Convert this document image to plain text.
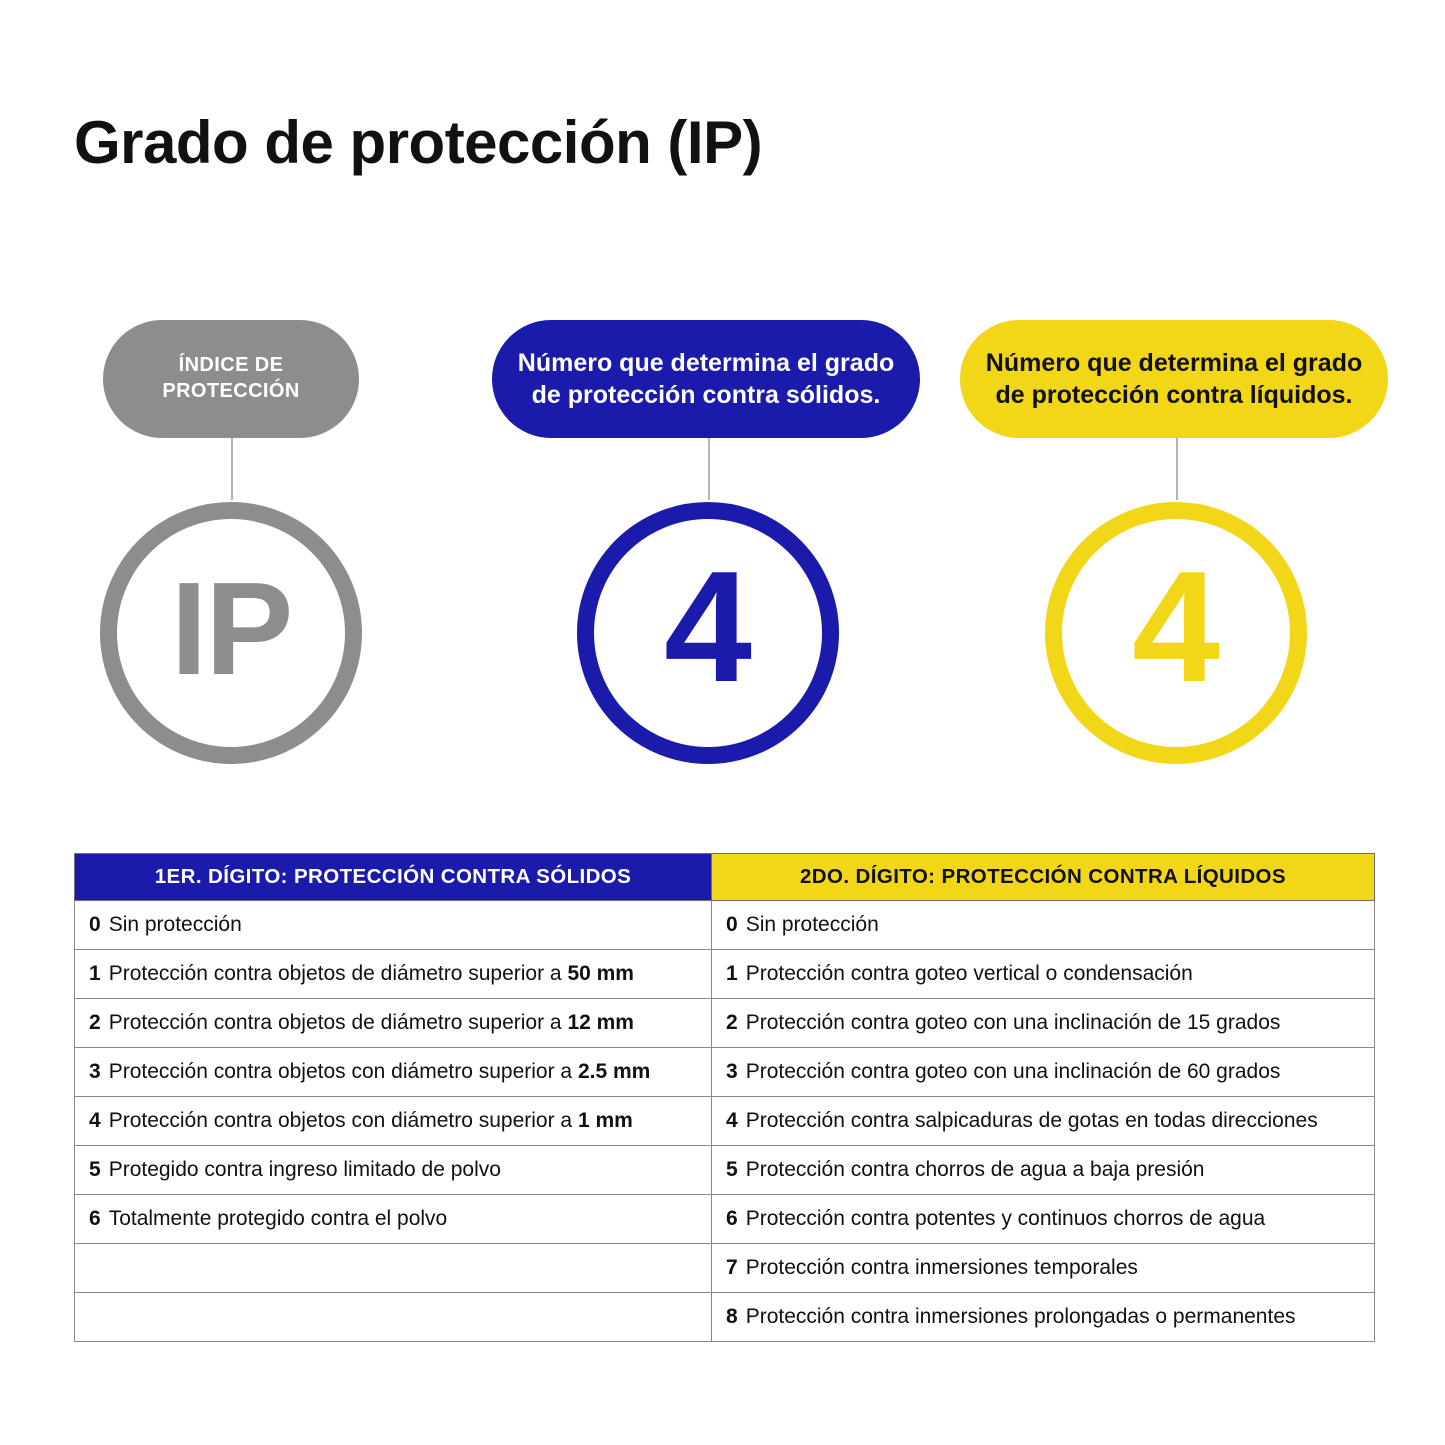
Grado de protección (IP)
ÍNDICE DE
PROTECCIÓN
IP
Número que determina el grado
de protección contra sólidos.
4
Número que determina el grado
de protección contra líquidos.
4
1ER. DÍGITO: PROTECCIÓN CONTRA SÓLIDOS	2DO. DÍGITO: PROTECCIÓN CONTRA LÍQUIDOS

0 Sin protección	0 Sin protección

1 Protección contra objetos de diámetro superior a 50 mm	1 Protección contra goteo vertical o condensación

2 Protección contra objetos de diámetro superior a 12 mm	2 Protección contra goteo con una inclinación de 15 grados

3 Protección contra objetos con diámetro superior a 2.5 mm	3 Protección contra goteo con una inclinación de 60 grados

4 Protección contra objetos con diámetro superior a 1 mm	4 Protección contra salpicaduras de gotas en todas direcciones

5 Protegido contra ingreso limitado de polvo	5 Protección contra chorros de agua a baja presión

6 Totalmente protegido contra el polvo	6 Protección contra potentes y continuos chorros de agua

	7 Protección contra inmersiones temporales

	8 Protección contra inmersiones prolongadas o permanentes
